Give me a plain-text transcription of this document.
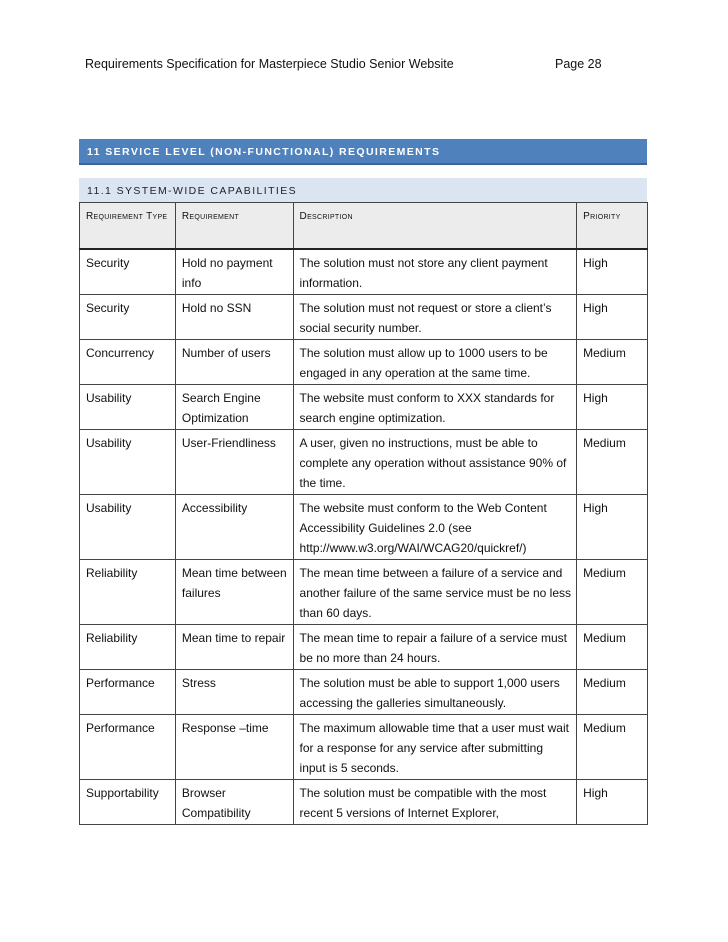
Requirements Specification for Masterpiece Studio Senior Website	Page 28
11 SERVICE LEVEL (NON-FUNCTIONAL) REQUIREMENTS
11.1 SYSTEM-WIDE CAPABILITIES
Requirement Type	Requirement	Description	Priority
Security	Hold no payment info	The solution must not store any client payment information.	High
Security	Hold no SSN	The solution must not request or store a client’s social security number.	High
Concurrency	Number of users	The solution must allow up to 1000 users to be engaged in any operation at the same time.	Medium
Usability	Search Engine Optimization	The website must conform to XXX standards for search engine optimization.	High
Usability	User-Friendliness	A user, given no instructions, must be able to complete any operation without assistance 90% of the time.	Medium
Usability	Accessibility	The website must conform to the Web Content Accessibility Guidelines 2.0 (see http://www.w3.org/WAI/WCAG20/quickref/)	High
Reliability	Mean time between failures	The mean time between a failure of a service and another failure of the same service must be no less than 60 days.	Medium
Reliability	Mean time to repair	The mean time to repair a failure of a service must be no more than 24 hours.	Medium
Performance	Stress	The solution must be able to support 1,000 users accessing the galleries simultaneously.	Medium
Performance	Response –time	The maximum allowable time that a user must wait for a response for any service after submitting input is 5 seconds.	Medium
Supportability	Browser Compatibility	The solution must be compatible with the most recent 5 versions of Internet Explorer,	High
